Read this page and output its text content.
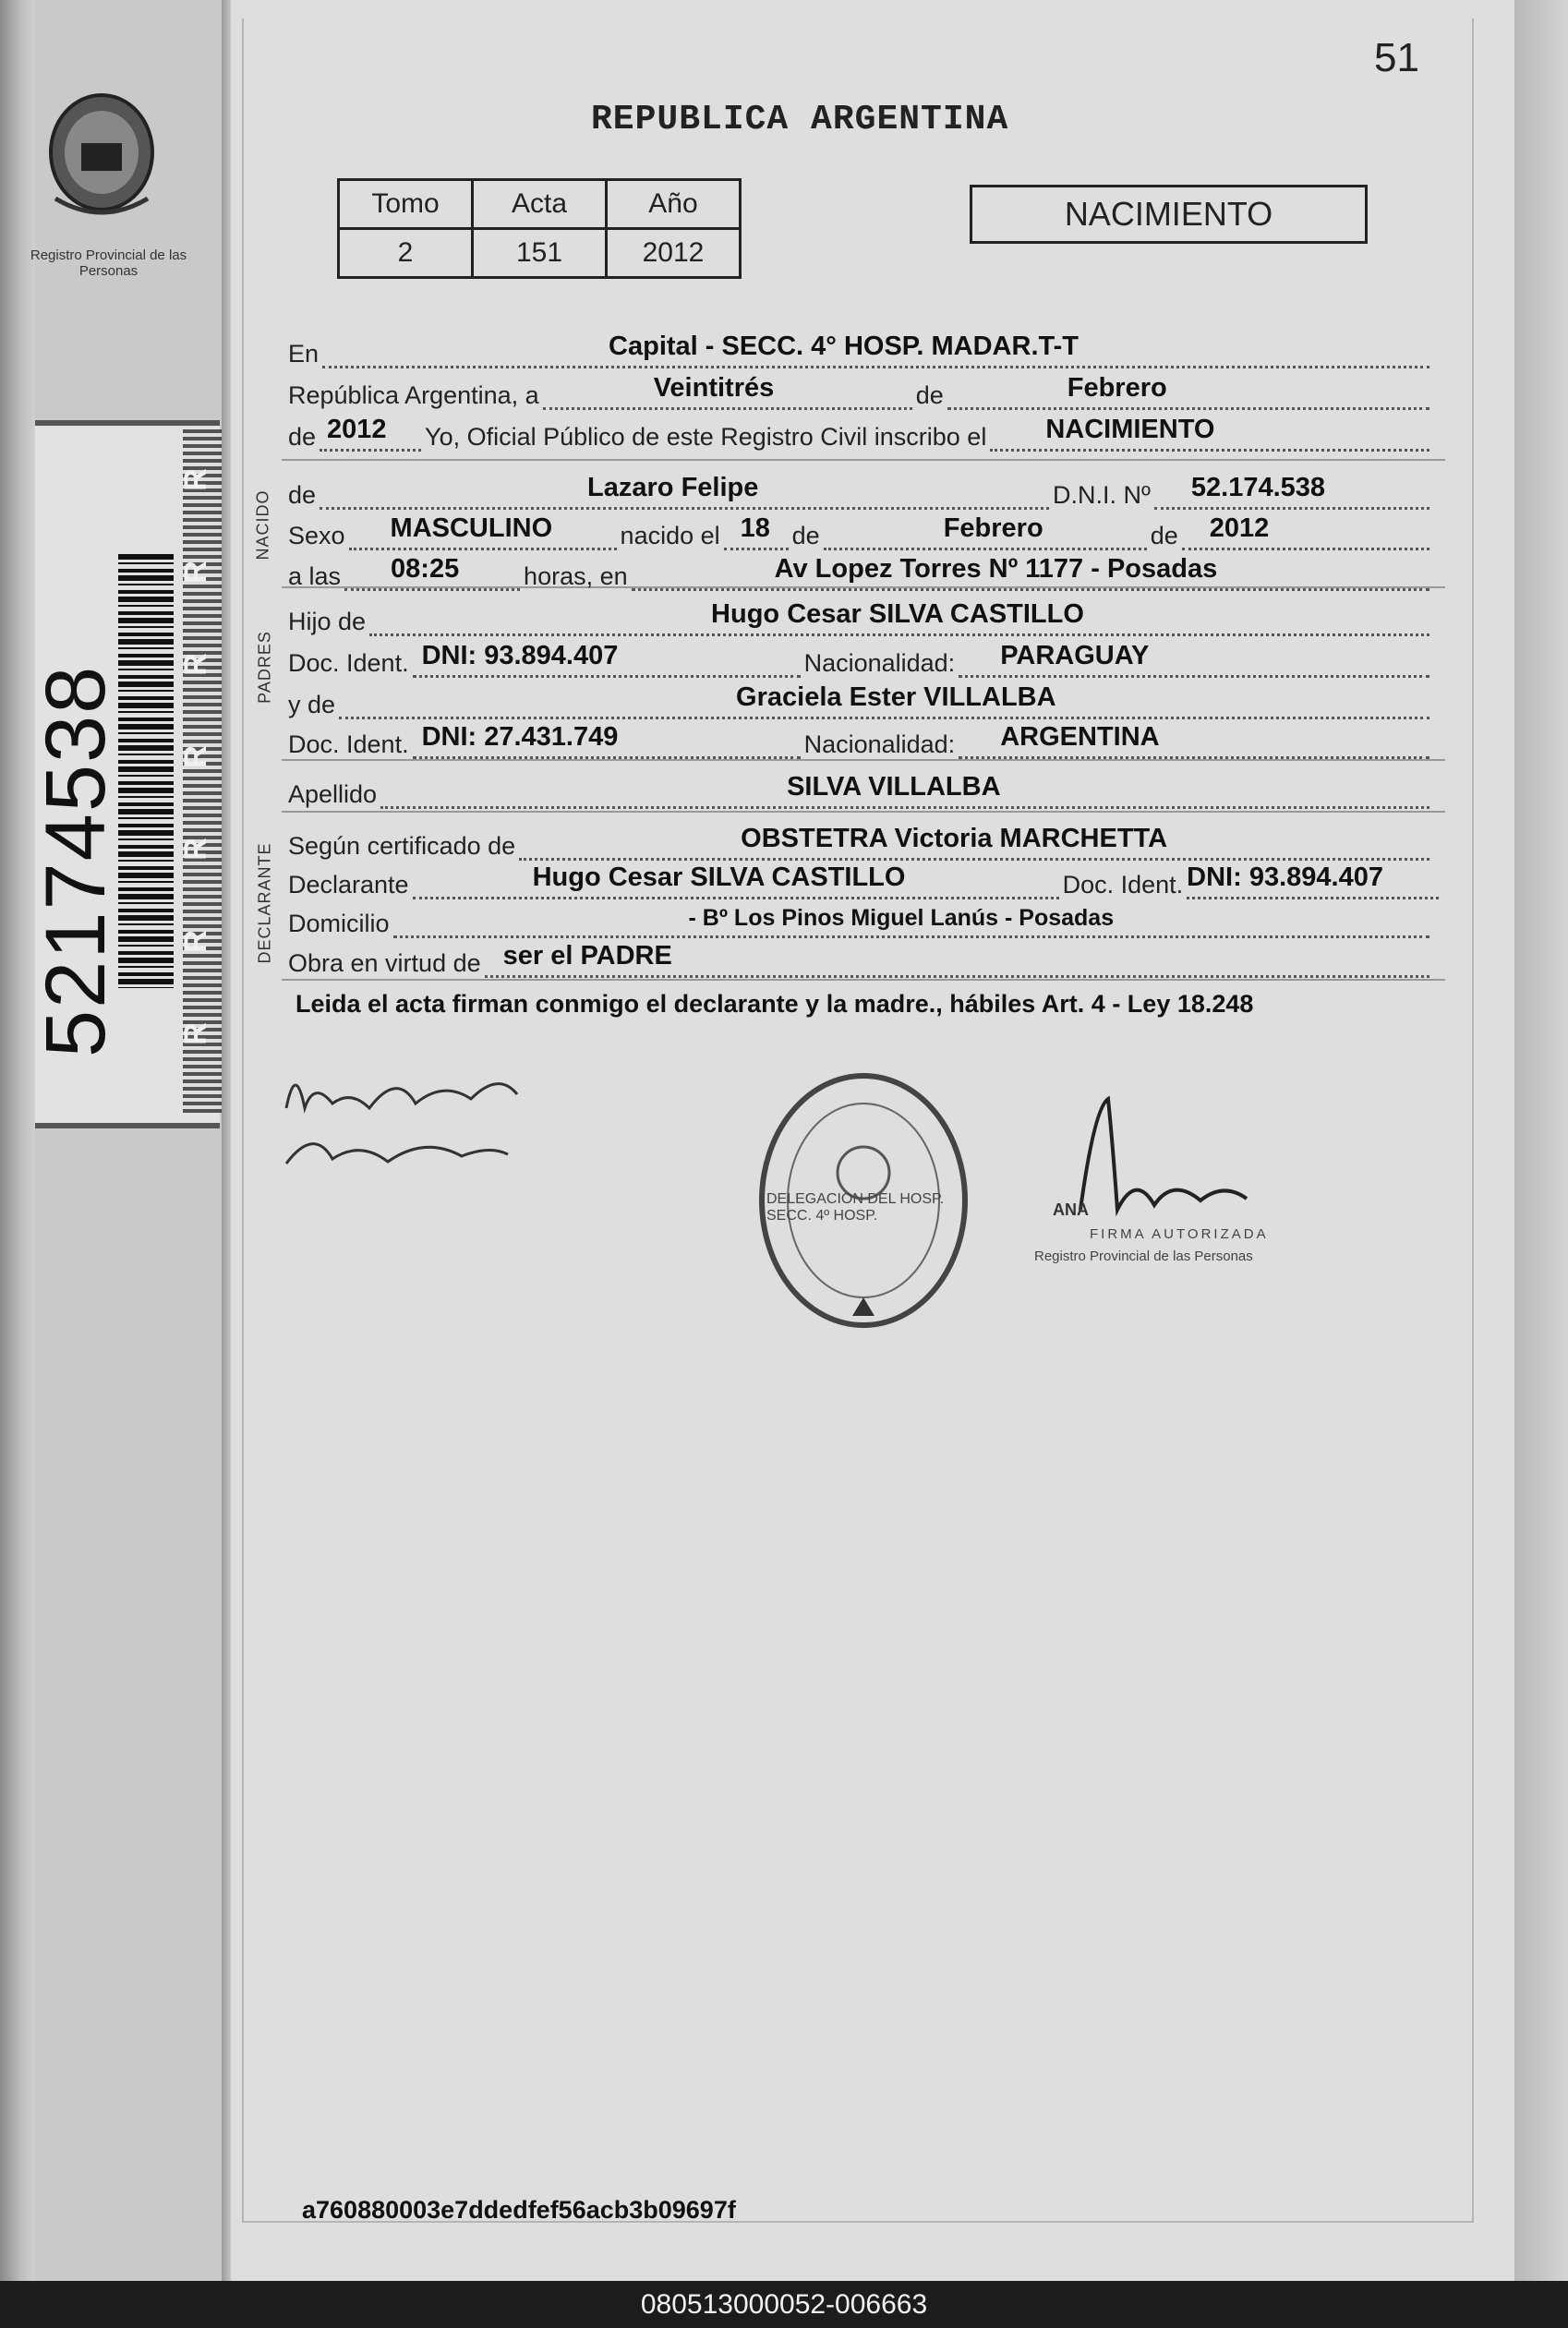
Registro Provincial de las Personas
52174538
R
R
R
R
R
R
R
51
REPUBLICA ARGENTINA
Tomo	Acta	Año
2	151	2012
NACIMIENTO
NACIDO
PADRES
DECLARANTE
En	Capital - SECC. 4° HOSP. MADAR.T-T
República Argentina, a	Veintitrés	de	Febrero
de 2012 Yo, Oficial Público de este Registro Civil inscribo el NACIMIENTO
de	Lazaro Felipe	D.N.I. Nº 52.174.538
Sexo MASCULINO	nacido el 18 de	Febrero	de 2012
a las 08:25	horas, en	Av Lopez Torres Nº 1177 - Posadas
Hijo de	Hugo Cesar SILVA CASTILLO
Doc. Ident. DNI: 93.894.407	Nacionalidad: PARAGUAY
y de	Graciela Ester VILLALBA
Doc. Ident. DNI: 27.431.749	Nacionalidad: ARGENTINA
Apellido	SILVA VILLALBA
Según certificado de	OBSTETRA Victoria MARCHETTA
Declarante	Hugo Cesar SILVA CASTILLO	Doc. Ident. DNI: 93.894.407
Domicilio	- Bº Los Pinos Miguel Lanús - Posadas
Obra en virtud de ser el PADRE
Leida el acta firman conmigo el declarante y la madre., hábiles Art. 4 - Ley 18.248
DELEGACION DEL HOSP. SECC. 4º HOSP.	ANA
FIRMA AUTORIZADA
Registro Provincial de las Personas
a760880003e7ddedfef56acb3b09697f
080513000052-006663
